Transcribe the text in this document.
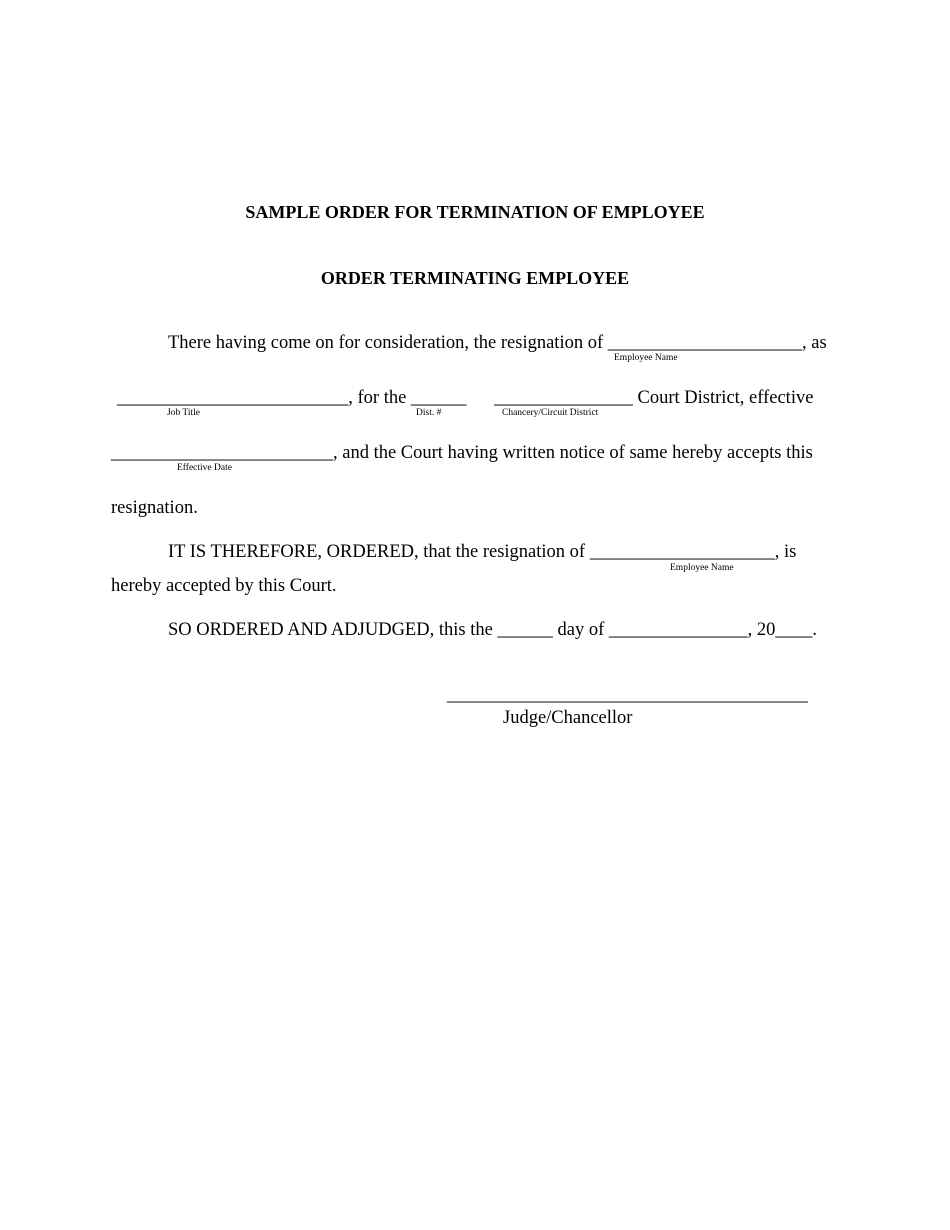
SAMPLE ORDER FOR TERMINATION OF EMPLOYEE
ORDER TERMINATING EMPLOYEE
There having come on for consideration, the resignation of _____________________, as
Employee Name
_________________________, for the ______      _______________ Court District, effective
Job Title	Dist. #	Chancery/Circuit District
________________________, and the Court having written notice of same hereby accepts this
Effective Date
resignation.
IT IS THEREFORE, ORDERED, that the resignation of ____________________, is
Employee Name
hereby accepted by this Court.
SO ORDERED AND ADJUDGED, this the ______ day of _______________, 20____.
_______________________________________
Judge/Chancellor
